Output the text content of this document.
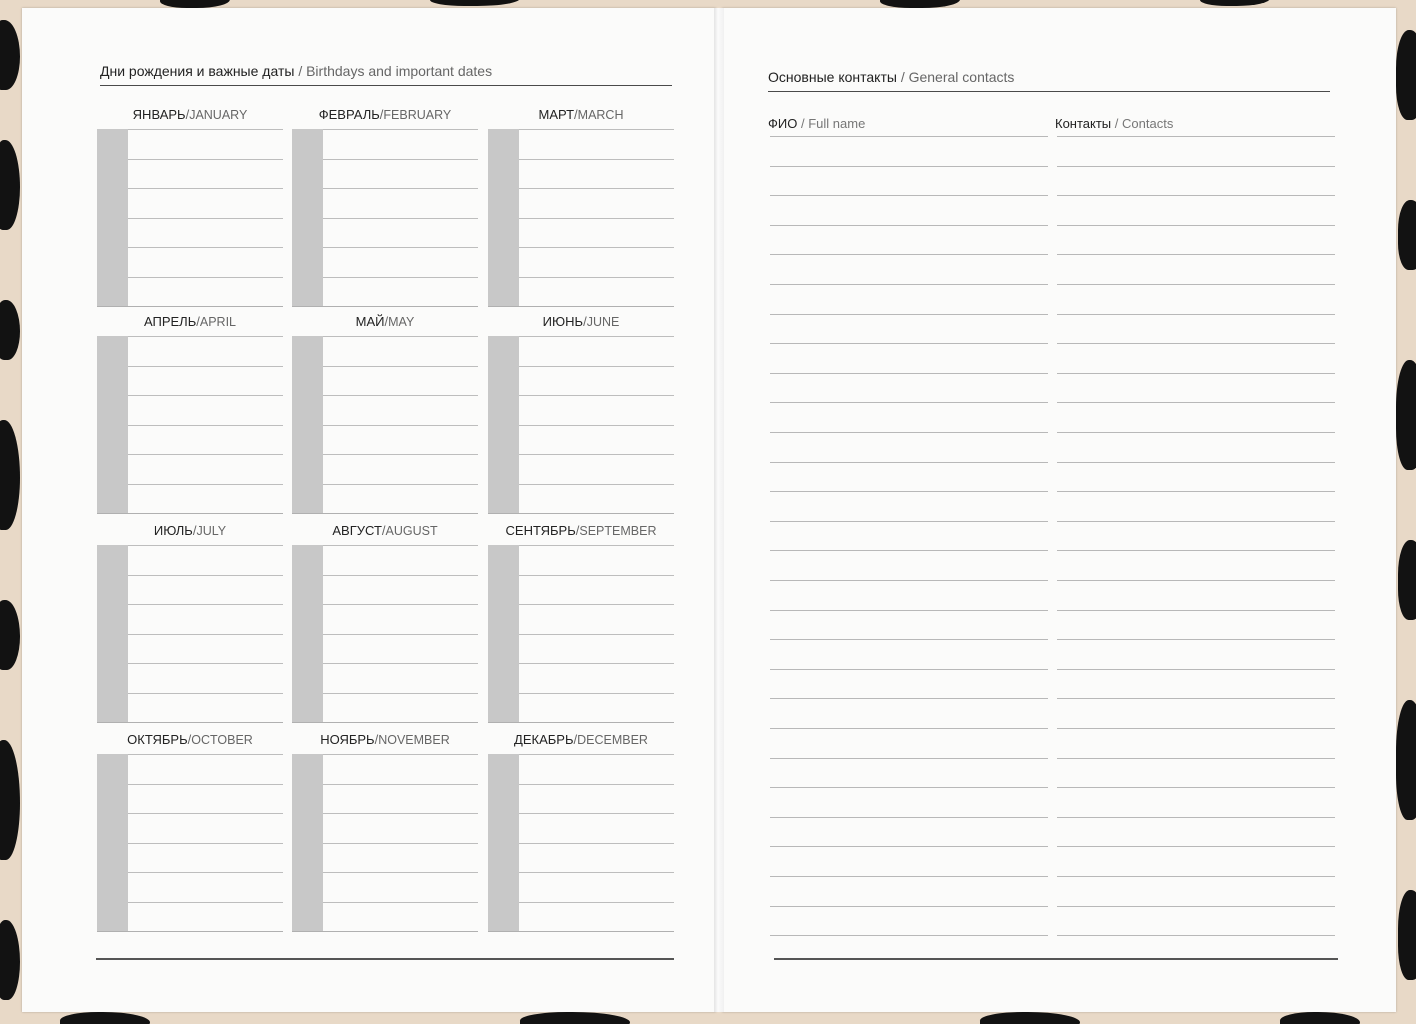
Дни рождения и важные даты / Birthdays and important dates
ЯНВАРЬ/JANUARY	ФЕВРАЛЬ/FEBRUARY	МАРТ/MARCH
АПРЕЛЬ/APRIL	МАЙ/MAY	ИЮНЬ/JUNE
ИЮЛЬ/JULY	АВГУСТ/AUGUST	СЕНТЯБРЬ/SEPTEMBER
ОКТЯБРЬ/OCTOBER	НОЯБРЬ/NOVEMBER	ДЕКАБРЬ/DECEMBER
Основные контакты / General contacts
ФИО / Full name	Контакты / Contacts
